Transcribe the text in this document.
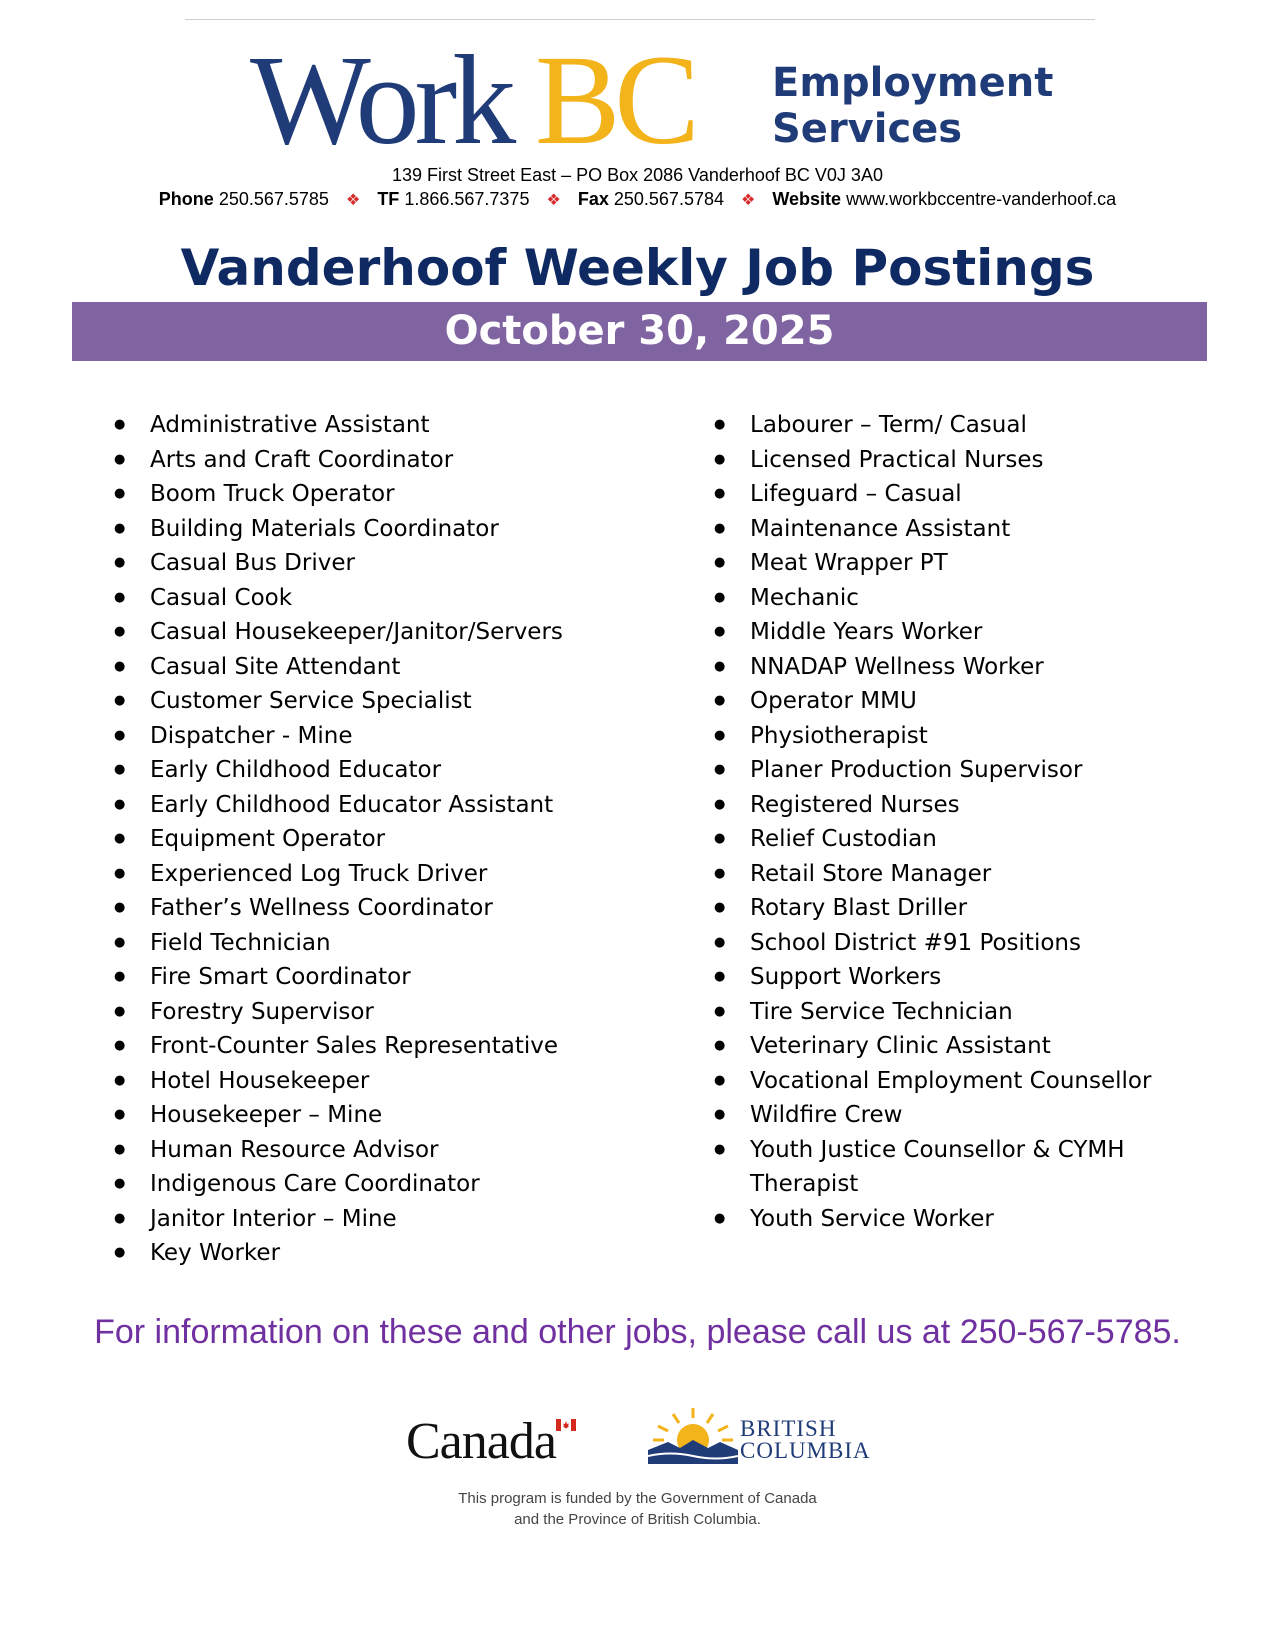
Work BC Employment
Services
139 First Street East – PO Box 2086 Vanderhoof BC V0J 3A0
Phone 250.567.5785 ❖ TF 1.866.567.7375 ❖ Fax 250.567.5784 ❖ Website www.workbccentre-vanderhoof.ca
Vanderhoof Weekly Job Postings
October 30, 2025
● Administrative Assistant
● Arts and Craft Coordinator
● Boom Truck Operator
● Building Materials Coordinator
● Casual Bus Driver
● Casual Cook
● Casual Housekeeper/Janitor/Servers
● Casual Site Attendant
● Customer Service Specialist
● Dispatcher - Mine
● Early Childhood Educator
● Early Childhood Educator Assistant
● Equipment Operator
● Experienced Log Truck Driver
● Father’s Wellness Coordinator
● Field Technician
● Fire Smart Coordinator
● Forestry Supervisor
● Front-Counter Sales Representative
● Hotel Housekeeper
● Housekeeper – Mine
● Human Resource Advisor
● Indigenous Care Coordinator
● Janitor Interior – Mine
● Key Worker
● Labourer – Term/ Casual
● Licensed Practical Nurses
● Lifeguard – Casual
● Maintenance Assistant
● Meat Wrapper PT
● Mechanic
● Middle Years Worker
● NNADAP Wellness Worker
● Operator MMU
● Physiotherapist
● Planer Production Supervisor
● Registered Nurses
● Relief Custodian
● Retail Store Manager
● Rotary Blast Driller
● School District #91 Positions
● Support Workers
● Tire Service Technician
● Veterinary Clinic Assistant
● Vocational Employment Counsellor
● Wildfire Crew
● Youth Justice Counsellor & CYMH Therapist
● Youth Service Worker
For information on these and other jobs, please call us at 250-567-5785.
Canada	BRITISH
COLUMBIA
This program is funded by the Government of Canada
and the Province of British Columbia.
